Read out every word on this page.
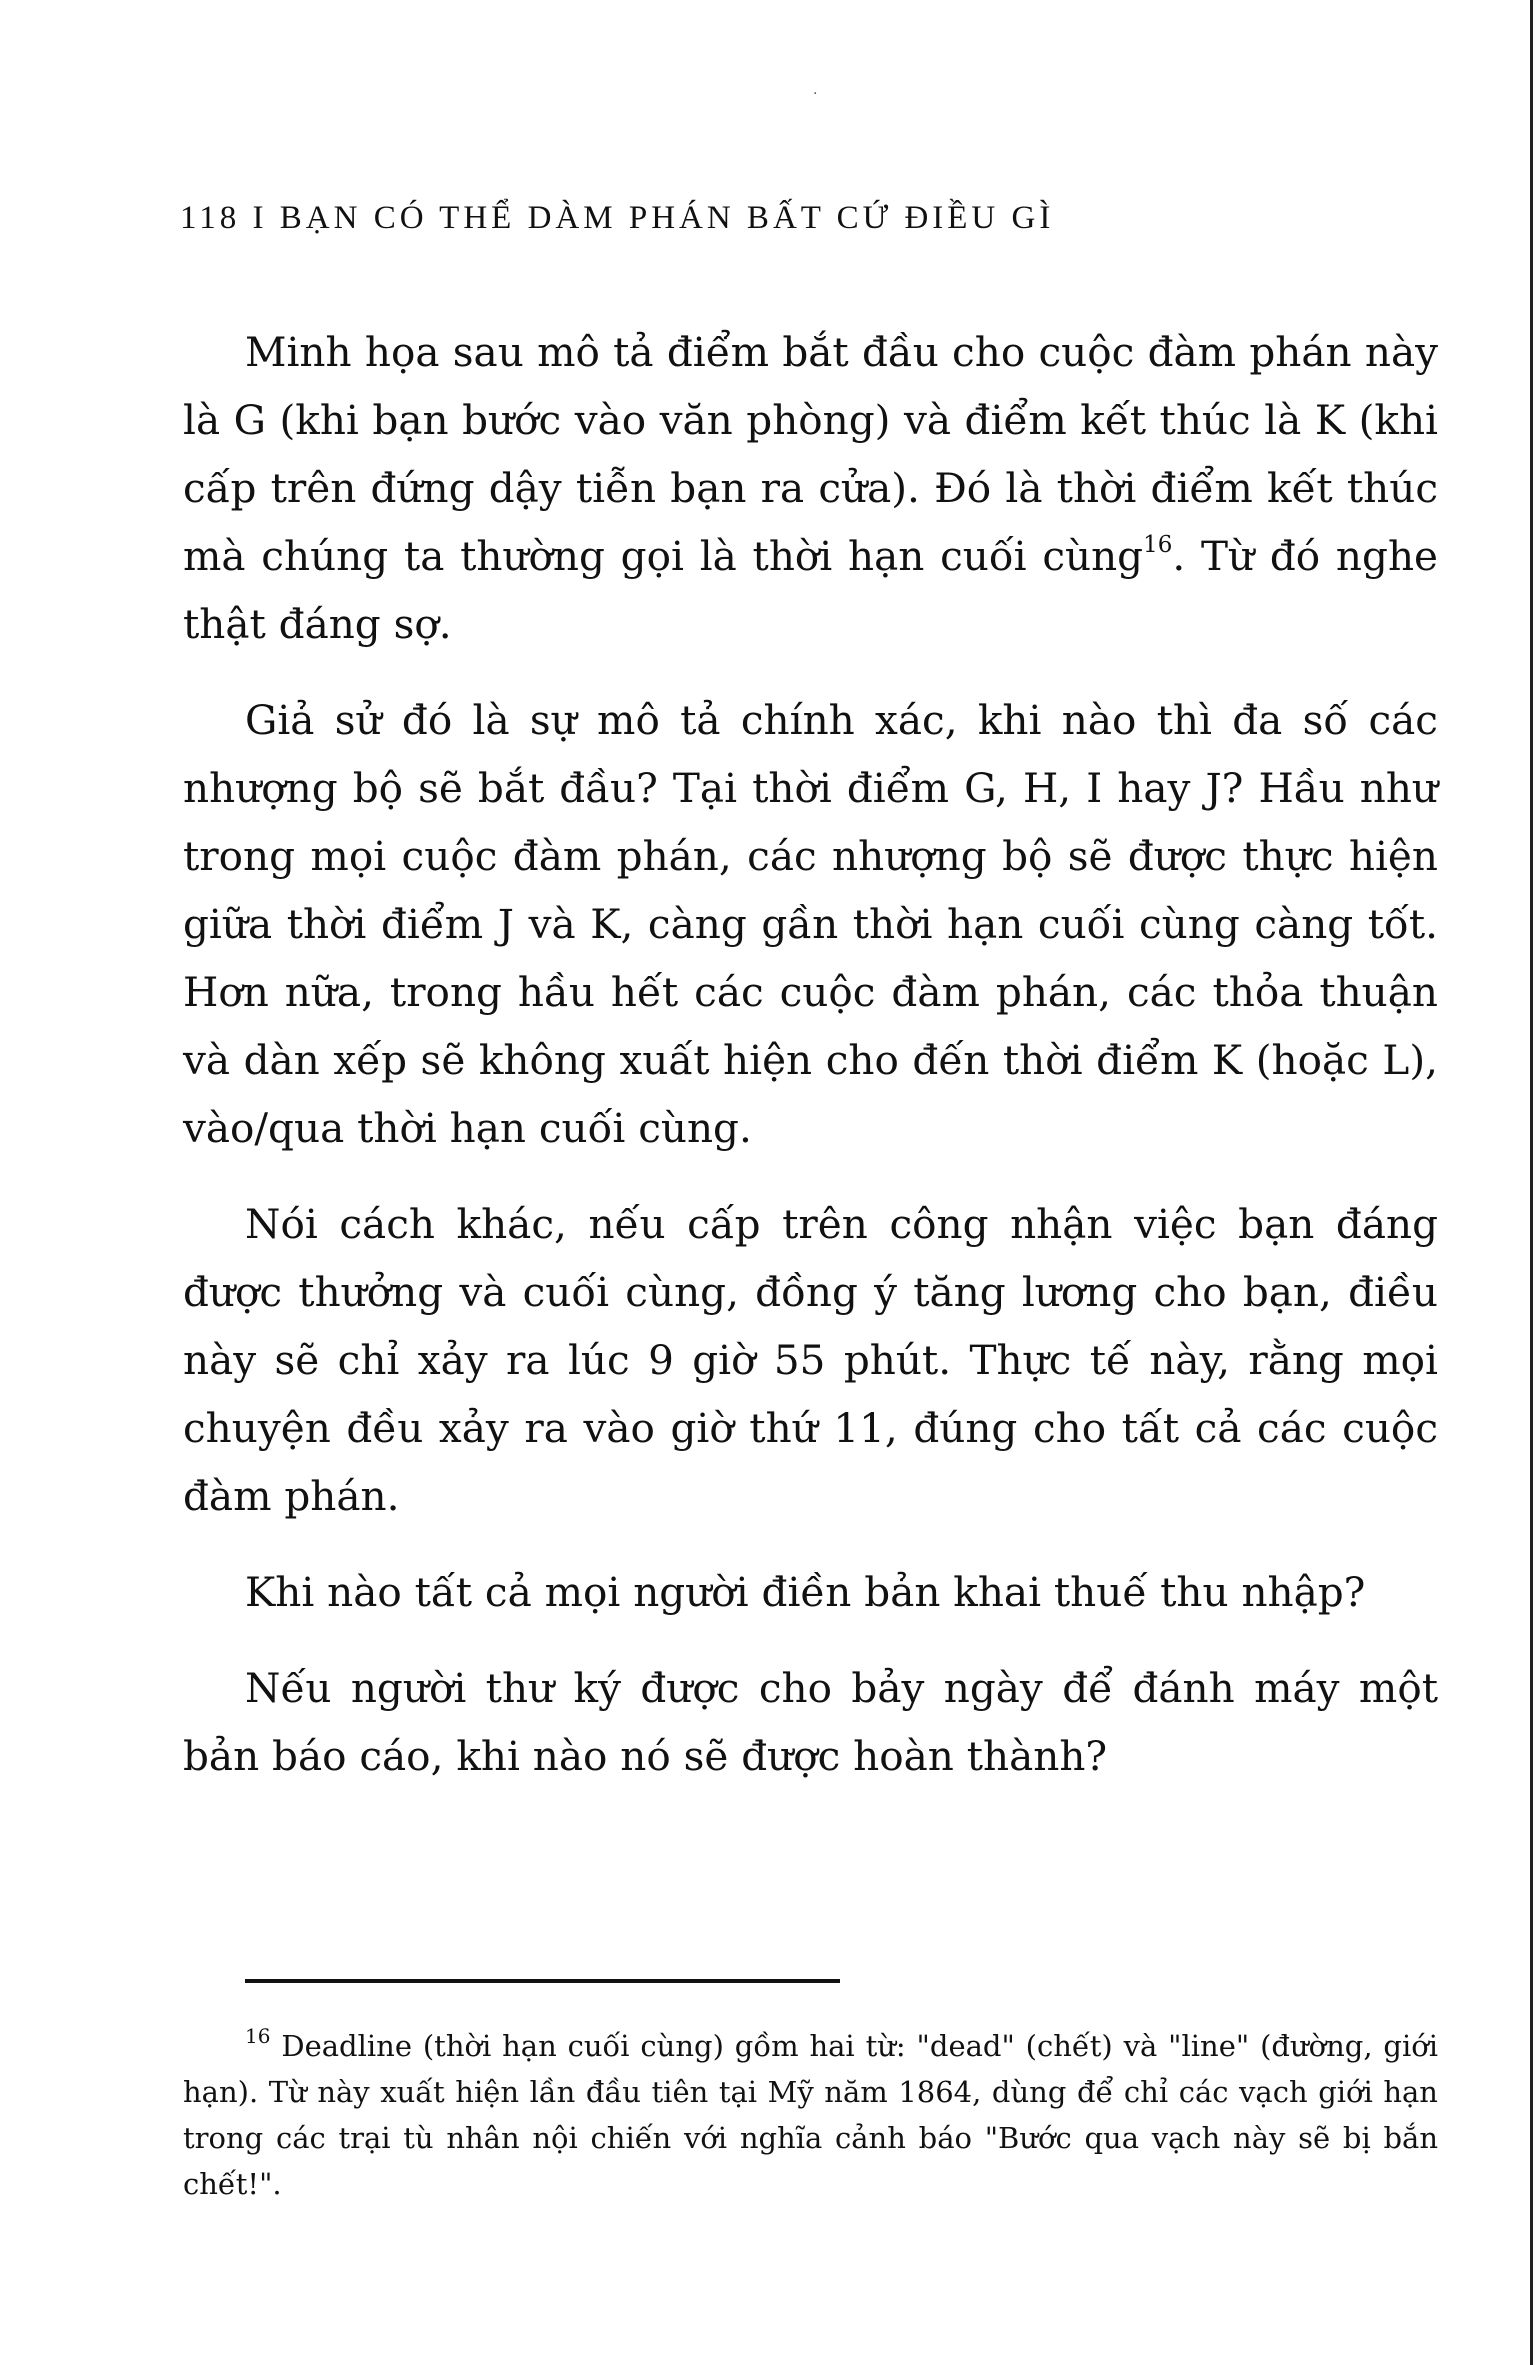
·
118 I BẠN CÓ THỂ DÀM PHÁN BẤT CỨ ĐIỀU GÌ

Minh họa sau mô tả điểm bắt đầu cho cuộc đàm phán này là G (khi bạn bước vào văn phòng) và điểm kết thúc là K (khi cấp trên đứng dậy tiễn bạn ra cửa). Đó là thời điểm kết thúc mà chúng ta thường gọi là thời hạn cuối cùng$^{16}$. Từ đó nghe thật đáng sợ.

Giả sử đó là sự mô tả chính xác, khi nào thì đa số các nhượng bộ sẽ bắt đầu? Tại thời điểm G, H, I hay J? Hầu như trong mọi cuộc đàm phán, các nhượng bộ sẽ được thực hiện giữa thời điểm J và K, càng gần thời hạn cuối cùng càng tốt. Hơn nữa, trong hầu hết các cuộc đàm phán, các thỏa thuận và dàn xếp sẽ không xuất hiện cho đến thời điểm K (hoặc L), vào/qua thời hạn cuối cùng.

Nói cách khác, nếu cấp trên công nhận việc bạn đáng được thưởng và cuối cùng, đồng ý tăng lương cho bạn, điều này sẽ chỉ xảy ra lúc 9 giờ 55 phút. Thực tế này, rằng mọi chuyện đều xảy ra vào giờ thứ 11, đúng cho tất cả các cuộc đàm phán.

Khi nào tất cả mọi người điền bản khai thuế thu nhập?

Nếu người thư ký được cho bảy ngày để đánh máy một bản báo cáo, khi nào nó sẽ được hoàn thành?

$^{16}$ Deadline (thời hạn cuối cùng) gồm hai từ: "dead" (chết) và "line" (đường, giới hạn). Từ này xuất hiện lần đầu tiên tại Mỹ năm 1864, dùng để chỉ các vạch giới hạn trong các trại tù nhân nội chiến với nghĩa cảnh báo "Bước qua vạch này sẽ bị bắn chết!".
